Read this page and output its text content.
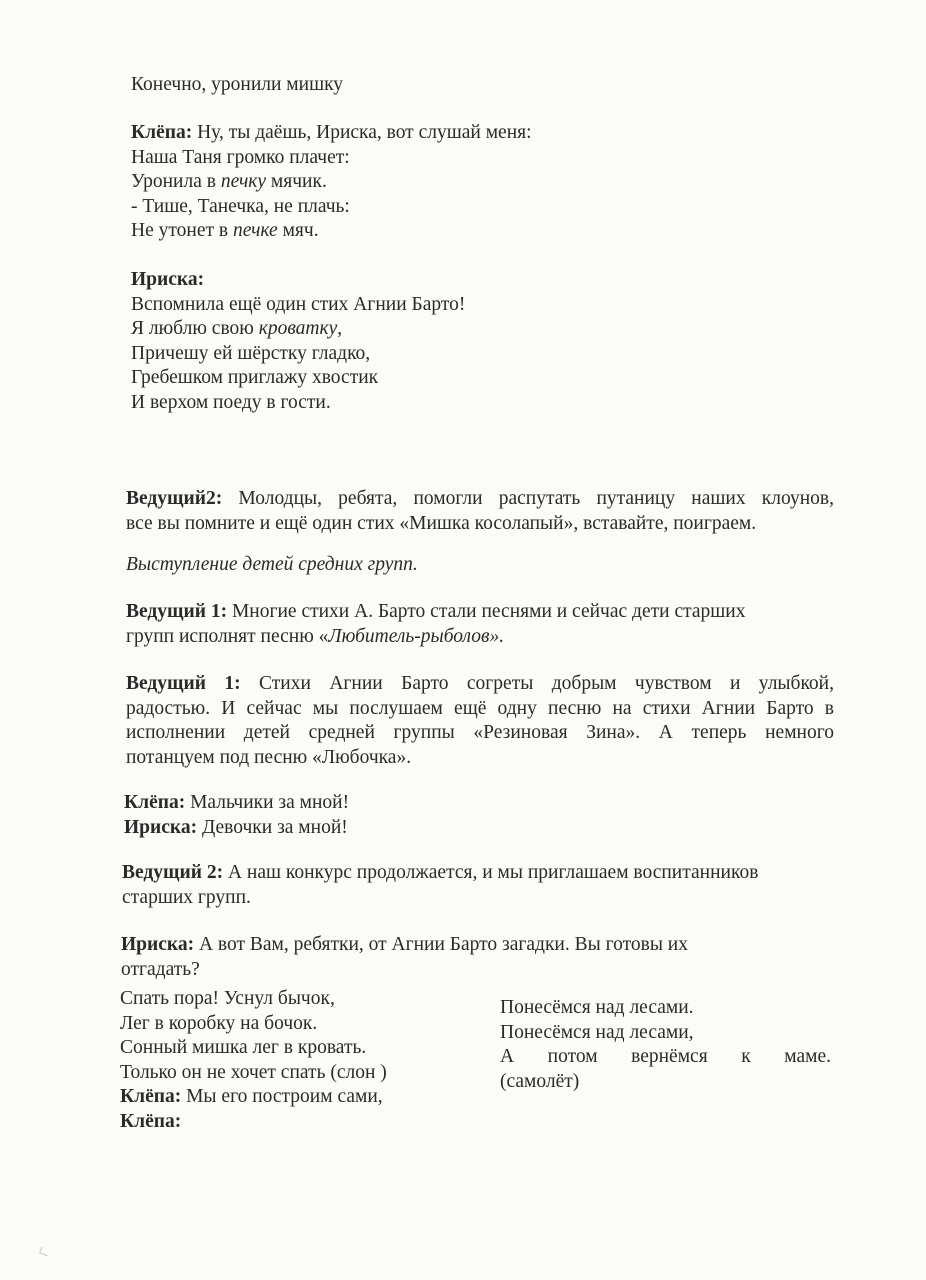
Конечно, уронили мишку

Клёпа: Ну, ты даёшь, Ириска, вот слушай меня:

Наша Таня громко плачет:

Уронила в печку мячик.

- Тише, Танечка, не плачь:

Не утонет в печке мяч.

Ириска:

Вспомнила ещё один стих Агнии Барто!

Я люблю свою кроватку,

Причешу ей шёрстку гладко,

Гребешком приглажу хвостик

И верхом поеду в гости.

Ведущий2: Молодцы, ребята, помогли распутать путаницу наших клоунов,

все вы помните и ещё один стих «Мишка косолапый», вставайте, поиграем.

Выступление детей средних групп.

Ведущий 1: Многие стихи А. Барто стали песнями и сейчас дети старших

групп исполнят песню «Любитель-рыболов».

Ведущий 1: Стихи Агнии Барто согреты добрым чувством и улыбкой,

радостью. И сейчас мы послушаем ещё одну песню на стихи Агнии Барто в

исполнении детей средней группы «Резиновая Зина». А теперь немного

потанцуем под песню «Любочка».

Клёпа: Мальчики за мной!

Ириска: Девочки за мной!

Ведущий 2: А наш конкурс продолжается, и мы приглашаем воспитанников

старших групп.

Ириска: А вот Вам, ребятки, от Агнии Барто загадки. Вы готовы их

отгадать?

Спать пора! Уснул бычок,

Лег в коробку на бочок.

Сонный мишка лег в кровать.

Только он не хочет спать (слон )

Клёпа: Мы его построим сами,

Клёпа:

Понесёмся над лесами.

Понесёмся над лесами,

А потом вернёмся к маме.

(самолёт)
